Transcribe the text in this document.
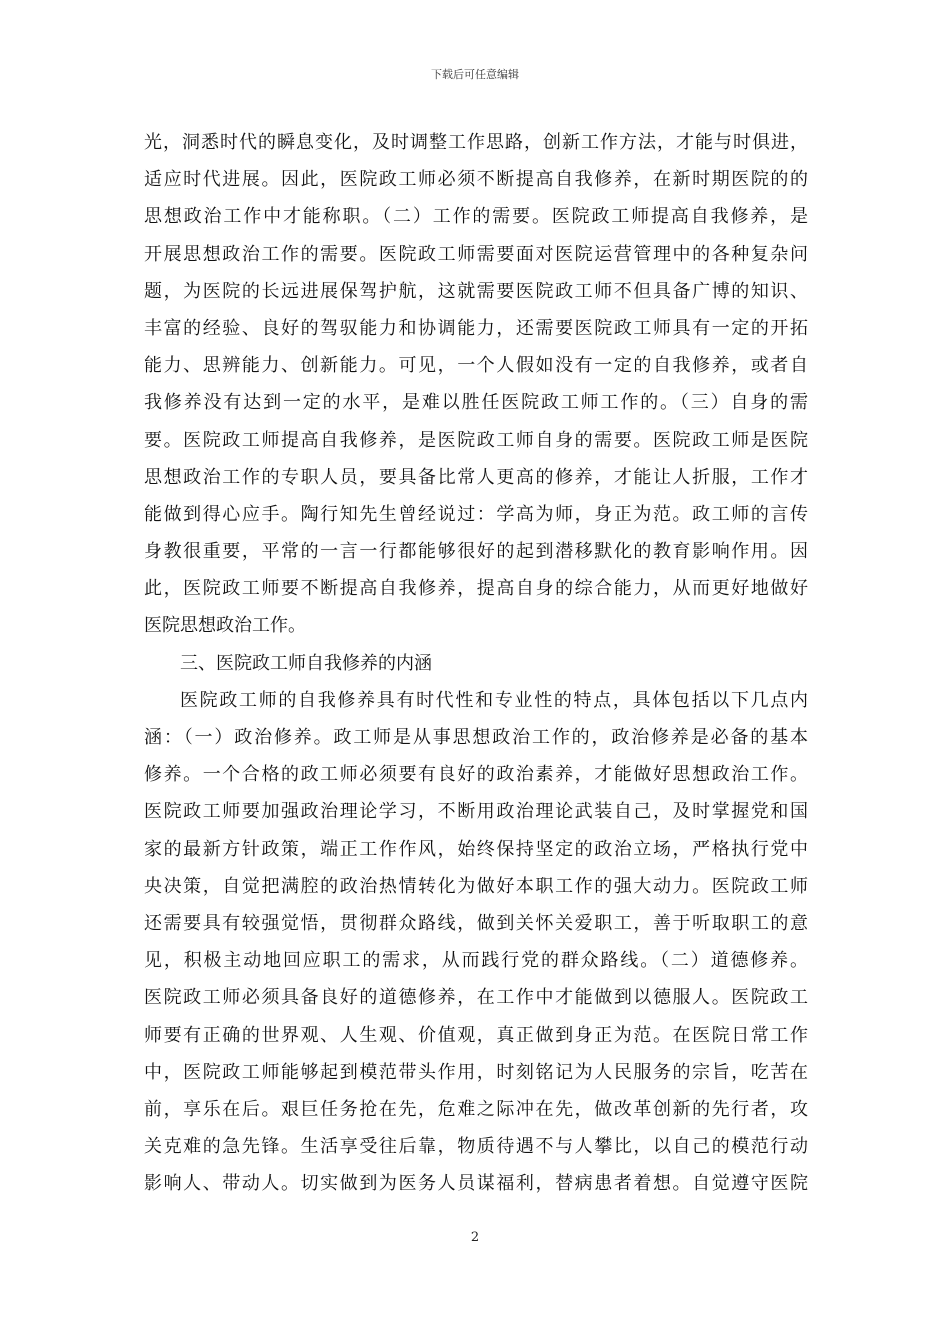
下载后可任意编辑
光，洞悉时代的瞬息变化，及时调整工作思路，创新工作方法，才能与时俱进，
适应时代进展。因此，医院政工师必须不断提高自我修养，在新时期医院的的
思想政治工作中才能称职。（二）工作的需要。医院政工师提高自我修养，是
开展思想政治工作的需要。医院政工师需要面对医院运营管理中的各种复杂问
题，为医院的长远进展保驾护航，这就需要医院政工师不但具备广博的知识、
丰富的经验、良好的驾驭能力和协调能力，还需要医院政工师具有一定的开拓
能力、思辨能力、创新能力。可见，一个人假如没有一定的自我修养，或者自
我修养没有达到一定的水平，是难以胜任医院政工师工作的。（三）自身的需
要。医院政工师提高自我修养，是医院政工师自身的需要。医院政工师是医院
思想政治工作的专职人员，要具备比常人更高的修养，才能让人折服，工作才
能做到得心应手。陶行知先生曾经说过：学高为师，身正为范。政工师的言传
身教很重要，平常的一言一行都能够很好的起到潜移默化的教育影响作用。因
此，医院政工师要不断提高自我修养，提高自身的综合能力，从而更好地做好
医院思想政治工作。
三、医院政工师自我修养的内涵
医院政工师的自我修养具有时代性和专业性的特点，具体包括以下几点内
涵：（一）政治修养。政工师是从事思想政治工作的，政治修养是必备的基本
修养。一个合格的政工师必须要有良好的政治素养，才能做好思想政治工作。
医院政工师要加强政治理论学习，不断用政治理论武装自己，及时掌握党和国
家的最新方针政策，端正工作作风，始终保持坚定的政治立场，严格执行党中
央决策，自觉把满腔的政治热情转化为做好本职工作的强大动力。医院政工师
还需要具有较强觉悟，贯彻群众路线，做到关怀关爱职工，善于听取职工的意
见，积极主动地回应职工的需求，从而践行党的群众路线。（二）道德修养。
医院政工师必须具备良好的道德修养，在工作中才能做到以德服人。医院政工
师要有正确的世界观、人生观、价值观，真正做到身正为范。在医院日常工作
中，医院政工师能够起到模范带头作用，时刻铭记为人民服务的宗旨，吃苦在
前，享乐在后。艰巨任务抢在先，危难之际冲在先，做改革创新的先行者，攻
关克难的急先锋。生活享受往后靠，物质待遇不与人攀比，以自己的模范行动
影响人、带动人。切实做到为医务人员谋福利，替病患者着想。自觉遵守医院
2
